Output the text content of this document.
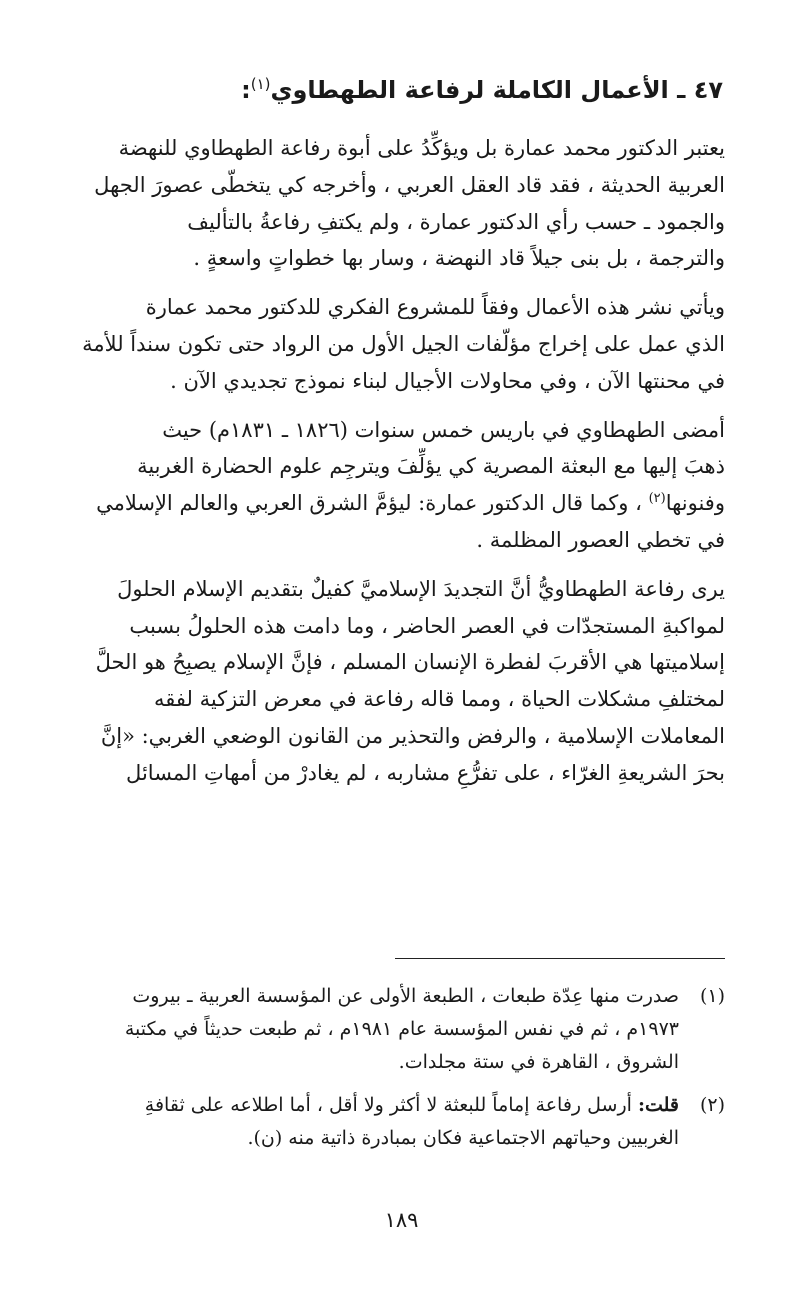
٤٧ ـ الأعمال الكاملة لرفاعة الطهطاوي$^{(١)}$:

يعتبر الدكتور محمد عمارة بل ويؤكِّدُ على أبوة رفاعة الطهطاوي للنهضة
العربية الحديثة ، فقد قاد العقل العربي ، وأخرجه كي يتخطّى عصورَ الجهل
والجمود ـ حسب رأي الدكتور عمارة ، ولم يكتفِ رفاعةُ بالتأليف
والترجمة ، بل بنى جيلاً قاد النهضة ، وسار بها خطواتٍ واسعةٍ .

ويأتي نشر هذه الأعمال وفقاً للمشروع الفكري للدكتور محمد عمارة
الذي عمل على إخراج مؤلّفات الجيل الأول من الرواد حتى تكون سنداً للأمة
في محنتها الآن ، وفي محاولات الأجيال لبناء نموذج تجديدي الآن .

أمضى الطهطاوي في باريس خمس سنوات (١٨٢٦ ـ ١٨٣١م) حيث
ذهبَ إليها مع البعثة المصرية كي يؤلِّفَ ويترجِم علوم الحضارة الغربية
وفنونها$^{(٢)}$ ، وكما قال الدكتور عمارة: ليؤمَّ الشرق العربي والعالم الإسلامي
في تخطي العصور المظلمة .

يرى رفاعة الطهطاويُّ أنَّ التجديدَ الإسلاميَّ كفيلٌ بتقديم الإسلام الحلولَ
لمواكبةِ المستجدّات في العصر الحاضر ، وما دامت هذه الحلولُ بسبب
إسلاميتها هي الأقربَ لفطرة الإنسان المسلم ، فإنَّ الإسلام يصبِحُ هو الحلَّ
لمختلفِ مشكلات الحياة ، ومما قاله رفاعة في معرض التزكية لفقه
المعاملات الإسلامية ، والرفض والتحذير من القانون الوضعي الغربي: «إنَّ
بحرَ الشريعةِ الغرّاء ، على تفرُّعِ مشاربه ، لم يغادرْ من أمهاتِ المسائل

(١)
صدرت منها عِدّة طبعات ، الطبعة الأولى عن المؤسسة العربية ـ بيروت
١٩٧٣م ، ثم في نفس المؤسسة عام ١٩٨١م ، ثم طبعت حديثاً في مكتبة
الشروق ، القاهرة في ستة مجلدات.
(٢)
قلت: أرسل رفاعة إماماً للبعثة لا أكثر ولا أقل ، أما اطلاعه على ثقافةِ
الغربيين وحياتهم الاجتماعية فكان بمبادرة ذاتية منه (ن).
١٨٩
